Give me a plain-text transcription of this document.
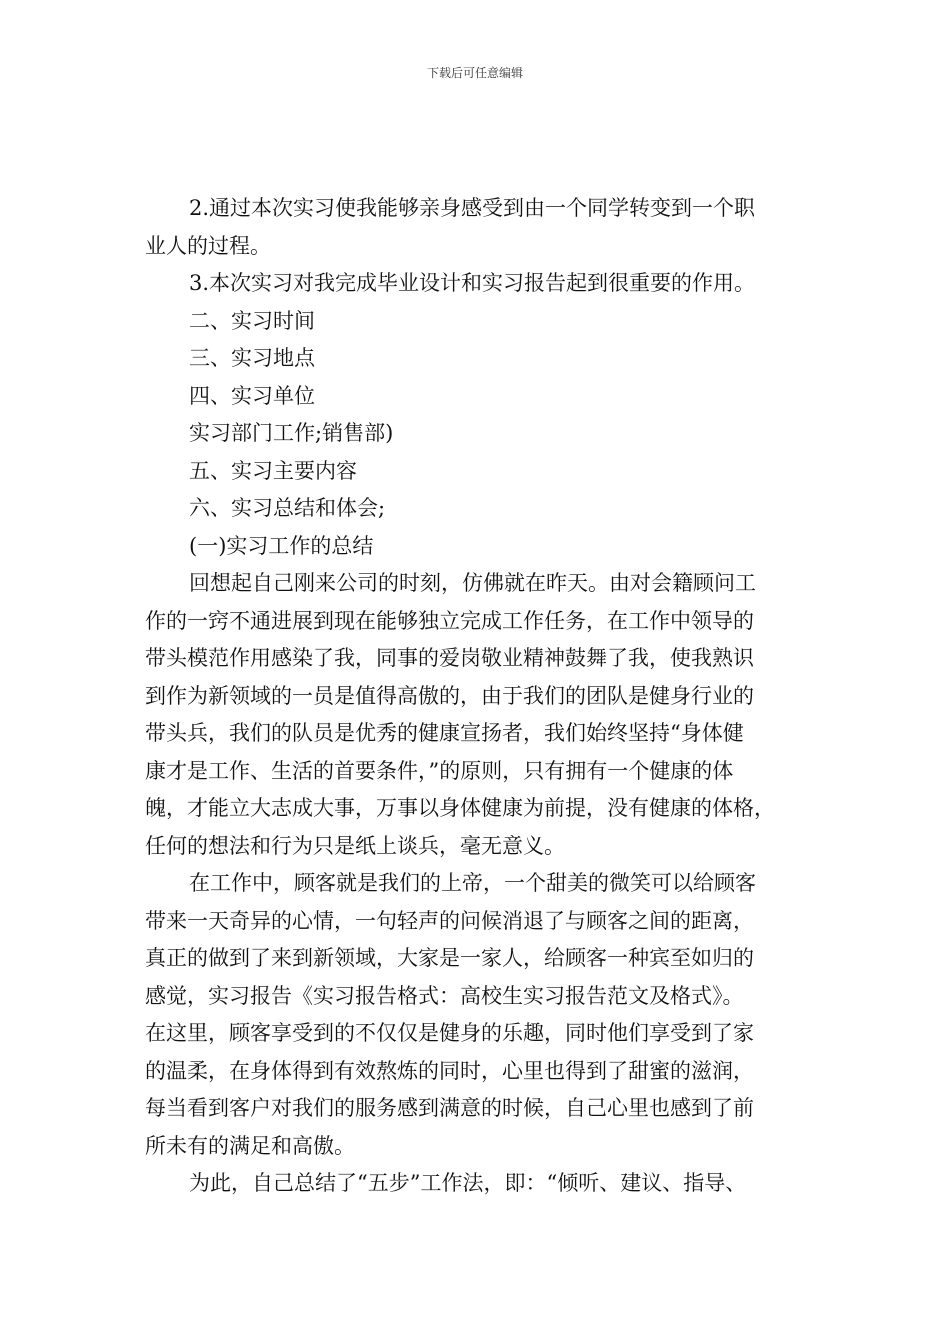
下载后可任意编辑
2.通过本次实习使我能够亲身感受到由一个同学转变到一个职
业人的过程。
3.本次实习对我完成毕业设计和实习报告起到很重要的作用。
二、实习时间
三、实习地点
四、实习单位
实习部门工作;销售部)
五、实习主要内容
六、实习总结和体会;
(一)实习工作的总结
回想起自己刚来公司的时刻，仿佛就在昨天。由对会籍顾问工
作的一窍不通进展到现在能够独立完成工作任务，在工作中领导的
带头模范作用感染了我，同事的爱岗敬业精神鼓舞了我，使我熟识
到作为新领域的一员是值得高傲的，由于我们的团队是健身行业的
带头兵，我们的队员是优秀的健康宣扬者，我们始终坚持“身体健
康才是工作、生活的首要条件，”的原则，只有拥有一个健康的体
魄，才能立大志成大事，万事以身体健康为前提，没有健康的体格，
任何的想法和行为只是纸上谈兵，毫无意义。
在工作中，顾客就是我们的上帝，一个甜美的微笑可以给顾客
带来一天奇异的心情，一句轻声的问候消退了与顾客之间的距离，
真正的做到了来到新领域，大家是一家人，给顾客一种宾至如归的
感觉，实习报告《实习报告格式：高校生实习报告范文及格式》。
在这里，顾客享受到的不仅仅是健身的乐趣，同时他们享受到了家
的温柔，在身体得到有效熬炼的同时，心里也得到了甜蜜的滋润，
每当看到客户对我们的服务感到满意的时候，自己心里也感到了前
所未有的满足和高傲。
为此，自己总结了“五步”工作法，即：“倾听、建议、指导、
